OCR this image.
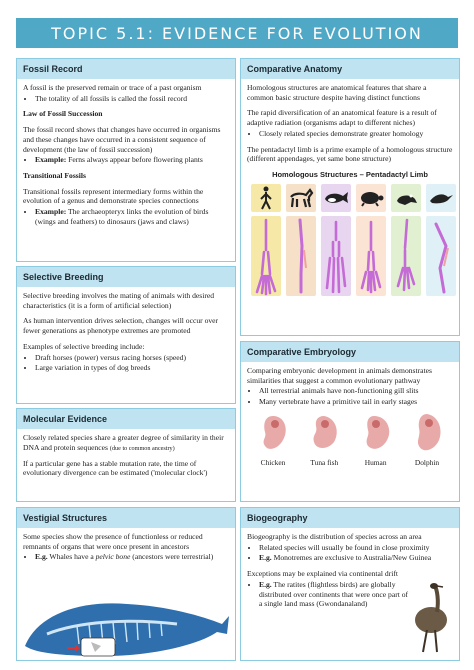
TOPIC 5.1: EVIDENCE FOR EVOLUTION
Fossil Record

A fossil is the preserved remain or trace of a past organism

• The totality of all fossils is called the fossil record

Law of Fossil Succession

The fossil record shows that changes have occurred in organisms and these changes have occurred in a consistent sequence of development (the law of fossil succession)

• Example: Ferns always appear before flowering plants

Transitional Fossils

Transitional fossils represent intermediary forms within the evolution of a genus and demonstrate species connections

• Example: The archaeopteryx links the evolution of birds (wings and feathers) to dinosaurs (jaws and claws)
Selective Breeding

Selective breeding involves the mating of animals with desired characteristics (it is a form of artificial selection)

As human intervention drives selection, changes will occur over fewer generations as phenotype extremes are promoted

Examples of selective breeding include:

• Draft horses (power) versus racing horses (speed)
• Large variation in types of dog breeds
Molecular Evidence

Closely related species share a greater degree of similarity in their DNA and protein sequences (due to common ancestry)

If a particular gene has a stable mutation rate, the time of evolutionary divergence can be estimated ('molecular clock')

Vestigial Structures

Some species show the presence of functionless or reduced remnants of organs that were once present in ancestors

• E.g. Whales have a pelvic bone (ancestors were terrestrial)
Comparative Anatomy

Homologous structures are anatomical features that share a common basic structure despite having distinct functions

The rapid diversification of an anatomical feature is a result of adaptive radiation (organisms adapt to different niches)

• Closely related species demonstrate greater homology

The pentadactyl limb is a prime example of a homologous structure (different appendages, yet same bone structure)

Homologous Structures – Pentadactyl Limb
Comparative Embryology

Comparing embryonic development in animals demonstrates similarities that suggest a common evolutionary pathway

• All terrestrial animals have non-functioning gill slits
• Many vertebrate have a primitive tail in early stages
Chicken	Tuna fish	Human	Dolphin
Biogeography

Biogeography is the distribution of species across an area

• Related species will usually be found in close proximity
• E.g. Monotremes are exclusive to Australia/New Guinea

Exceptions may be explained via continental drift

• E.g. The ratites (flightless birds) are globally distributed over continents that were once part of a single land mass (Gwondanaland)
